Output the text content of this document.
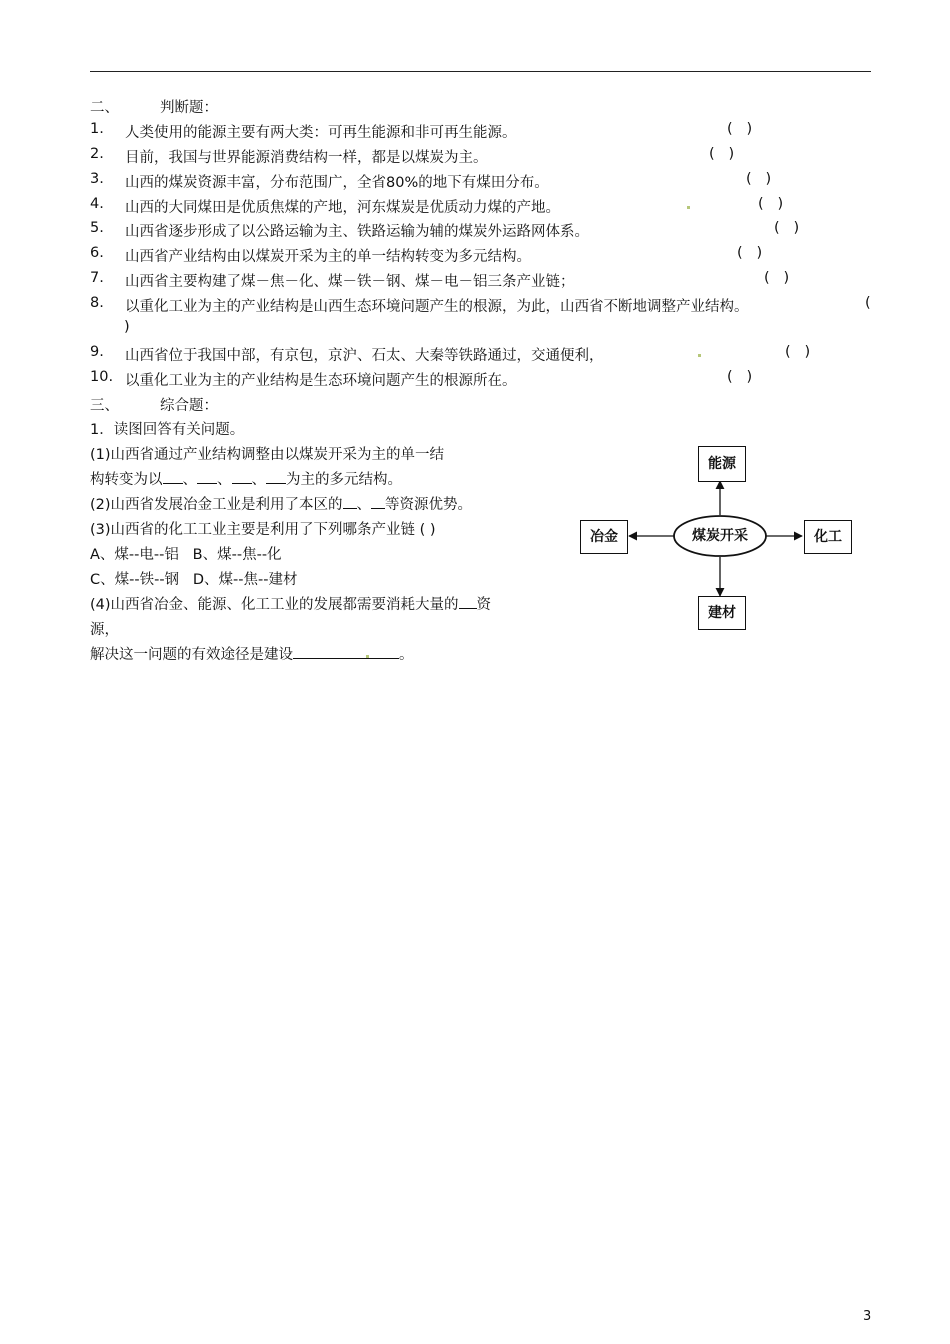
二、	判断题：
1. 人类使用的能源主要有两大类：可再生能源和非可再生能源。	(   )
2. 目前，我国与世界能源消费结构一样，都是以煤炭为主。	(   )
3. 山西的煤炭资源丰富，分布范围广，全省80%的地下有煤田分布。	(   )
4. 山西的大同煤田是优质焦煤的产地，河东煤炭是优质动力煤的产地。	(   )
5. 山西省逐步形成了以公路运输为主、铁路运输为辅的煤炭外运路网体系。	(   )
6. 山西省产业结构由以煤炭开采为主的单一结构转变为多元结构。	(   )
7. 山西省主要构建了煤－焦－化、煤－铁－钢、煤－电－铝三条产业链；	(   )
8. 以重化工业为主的产业结构是山西生态环境问题产生的根源，为此，山西省不断地调整产业结构。	(
)
9. 山西省位于我国中部，有京包，京沪、石太、大秦等铁路通过，交通便利，	(   )
10. 以重化工业为主的产业结构是生态环境问题产生的根源所在。	(   )
三、	综合题：
1．读图回答有关问题。
(1)山西省通过产业结构调整由以煤炭开采为主的单一结
构转变为以 、 、 、 为主的多元结构。
(2)山西省发展冶金工业是利用了本区的 、 等资源优势。
(3)山西省的化工工业主要是利用了下列哪条产业链 ( )
A、煤--电--铝   B、煤--焦--化
C、煤--铁--钢   D、煤--焦--建材
(4)山西省冶金、能源、化工工业的发展都需要消耗大量的 资
源，
解决这一问题的有效途径是建设	。
煤炭开采
能源
冶金	化工
建材
3
